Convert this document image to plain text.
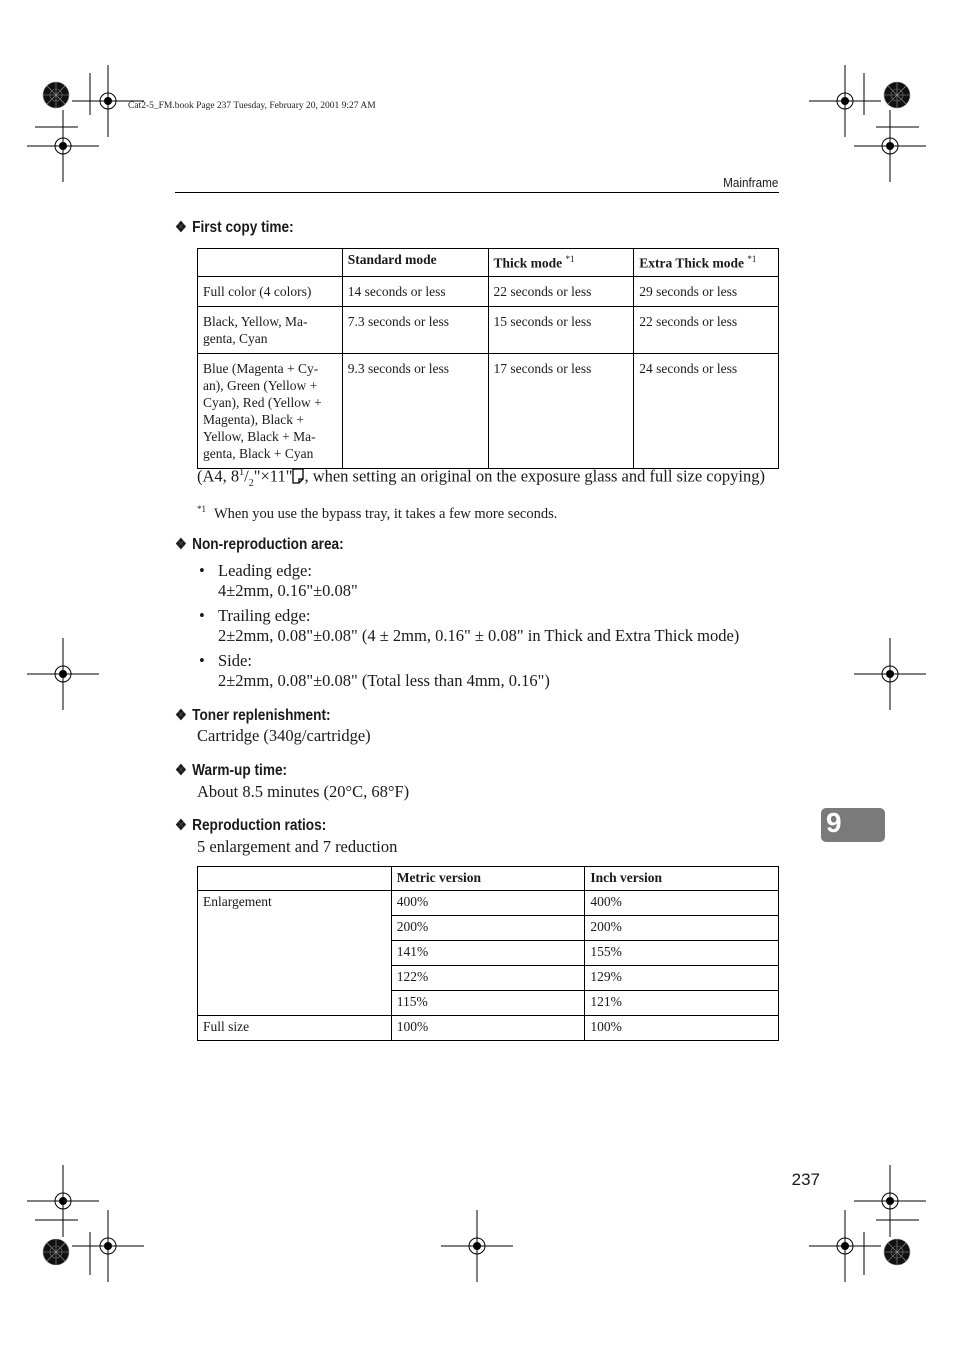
Cat2-5_FM.book Page 237 Tuesday, February 20, 2001 9:27 AM
Mainframe
❖ First copy time:
	Standard mode	Thick mode $^{*1}$	Extra Thick mode $^{*1}$
Full color (4 colors)	14 seconds or less	22 seconds or less	29 seconds or less
Black, Yellow, Ma-genta, Cyan	7.3 seconds or less	15 seconds or less	22 seconds or less
Blue (Magenta + Cy-an), Green (Yellow + Cyan), Red (Yellow + Magenta), Black + Yellow, Black + Ma-genta, Black + Cyan	9.3 seconds or less	17 seconds or less	24 seconds or less
(A4, $8^1/_2"\times 11$" , when setting an original on the exposure glass and full size copying)
$^{*1}$ When you use the bypass tray, it takes a few more seconds.
❖ Non-reproduction area:
• Leading edge:
4±2mm, 0.16"±0.08"
• Trailing edge:
2±2mm, 0.08"±0.08" (4 ± 2mm, 0.16" ± 0.08" in Thick and Extra Thick mode)
• Side:
2±2mm, 0.08"±0.08" (Total less than 4mm, 0.16")
❖ Toner replenishment:
Cartridge (340g/cartridge)
❖ Warm-up time:
About 8.5 minutes (20°C, 68°F)
❖ Reproduction ratios:
5 enlargement and 7 reduction
	Metric version	Inch version
Enlargement	400%	400%
	200%	200%
	141%	155%
	122%	129%
	115%	121%
Full size	100%	100%
9
237
